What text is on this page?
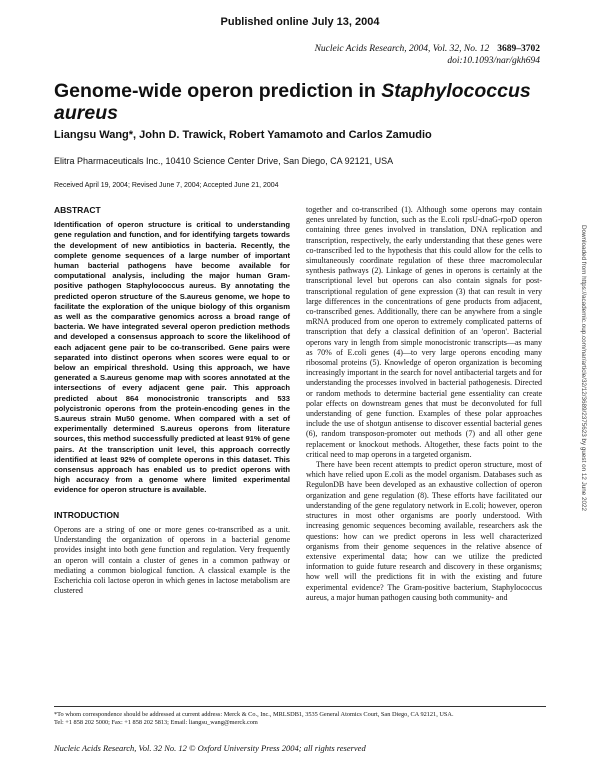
Published online July 13, 2004
Nucleic Acids Research, 2004, Vol. 32, No. 12 3689–3702
doi:10.1093/nar/gkh694
Genome-wide operon prediction in Staphylococcus aureus
Liangsu Wang*, John D. Trawick, Robert Yamamoto and Carlos Zamudio
Elitra Pharmaceuticals Inc., 10410 Science Center Drive, San Diego, CA 92121, USA
Received April 19, 2004; Revised June 7, 2004; Accepted June 21, 2004
ABSTRACT

Identification of operon structure is critical to understanding gene regulation and function, and for identifying targets towards the development of new antibiotics in bacteria. Recently, the complete genome sequences of a large number of important human bacterial pathogens have become available for computational analysis, including the major human Gram-positive pathogen Staphylococcus aureus. By annotating the predicted operon structure of the S.aureus genome, we hope to facilitate the exploration of the unique biology of this organism as well as the comparative genomics across a broad range of bacteria. We have integrated several operon prediction methods and developed a consensus approach to score the likelihood of each adjacent gene pair to be co-transcribed. Gene pairs were separated into distinct operons when scores were equal to or below an empirical threshold. Using this approach, we have generated a S.aureus genome map with scores annotated at the intersections of every adjacent gene pair. This approach predicted about 864 monocistronic transcripts and 533 polycistronic operons from the protein-encoding genes in the S.aureus strain Mu50 genome. When compared with a set of experimentally determined S.aureus operons from literature sources, this method successfully predicted at least 91% of gene pairs. At the transcription unit level, this approach correctly identified at least 92% of complete operons in this dataset. This consensus approach has enabled us to predict operons with high accuracy from a genome where limited experimental evidence for operon structure is available.

INTRODUCTION

Operons are a string of one or more genes co-transcribed as a unit. Understanding the organization of operons in a bacterial genome provides insight into both gene function and regulation. Very frequently an operon will contain a cluster of genes in a common pathway or mediating a common biological function. A classical example is the Escherichia coli lactose operon in which genes in lactose metabolism are clustered

together and co-transcribed (1). Although some operons may contain genes unrelated by function, such as the E.coli rpsU-dnaG-rpoD operon containing three genes involved in translation, DNA replication and transcription, respectively, the early understanding that these genes were co-transcribed led to the hypothesis that this could allow for the cells to simultaneously coordinate regulation of these three macromolecular synthesis pathways (2). Linkage of genes in operons is certainly at the transcriptional level but operons can also contain signals for post-transcriptional regulation of gene expression (3) that can result in very large differences in the concentrations of gene products from adjacent, co-transcribed genes. Additionally, there can be anywhere from a single mRNA produced from one operon to extremely complicated patterns of transcription that defy a classical definition of an 'operon'. Bacterial operons vary in length from simple monocistronic transcripts—as many as 70% of E.coli genes (4)—to very large operons encoding many ribosomal proteins (5). Knowledge of operon organization is becoming increasingly important in the search for novel antibacterial targets and for understanding the processes involved in bacterial pathogenesis. Directed or random methods to determine bacterial gene essentiality can create polar effects on downstream genes that must be deconvoluted for full understanding of gene function. Examples of these polar approaches include the use of shotgun antisense to discover essential bacterial genes (6), random transposon-promoter out methods (7) and all other gene replacement or knockout methods. Altogether, these facts point to the critical need to map operons in a targeted organism.

There have been recent attempts to predict operon structure, most of which have relied upon E.coli as the model organism. Databases such as RegulonDB have been developed as an exhaustive collection of operon organization and gene regulation (8). These efforts have facilitated our understanding of the gene regulatory network in E.coli; however, operon structures in most other organisms are poorly understood. With increasing genomic sequences becoming available, researchers ask the questions: how can we predict operons in less well characterized organisms from their genome sequences in the relative absence of extensive experimental data; how can we utilize the predicted information to guide future research and discovery in these organisms; how well will the predictions fit in with the existing and future experimental evidence? The Gram-positive bacterium, Staphylococcus aureus, a major human pathogen causing both community- and

Downloaded from https://academic.oup.com/nar/article/32/12/3689/2375623 by guest on 12 June 2022
*To whom correspondence should be addressed at current address: Merck & Co., Inc., MRLSDB1, 3535 General Atomics Court, San Diego, CA 92121, USA.
Tel: +1 858 202 5000; Fax: +1 858 202 5813; Email: liangsu_wang@merck.com
Nucleic Acids Research, Vol. 32 No. 12 © Oxford University Press 2004; all rights reserved
